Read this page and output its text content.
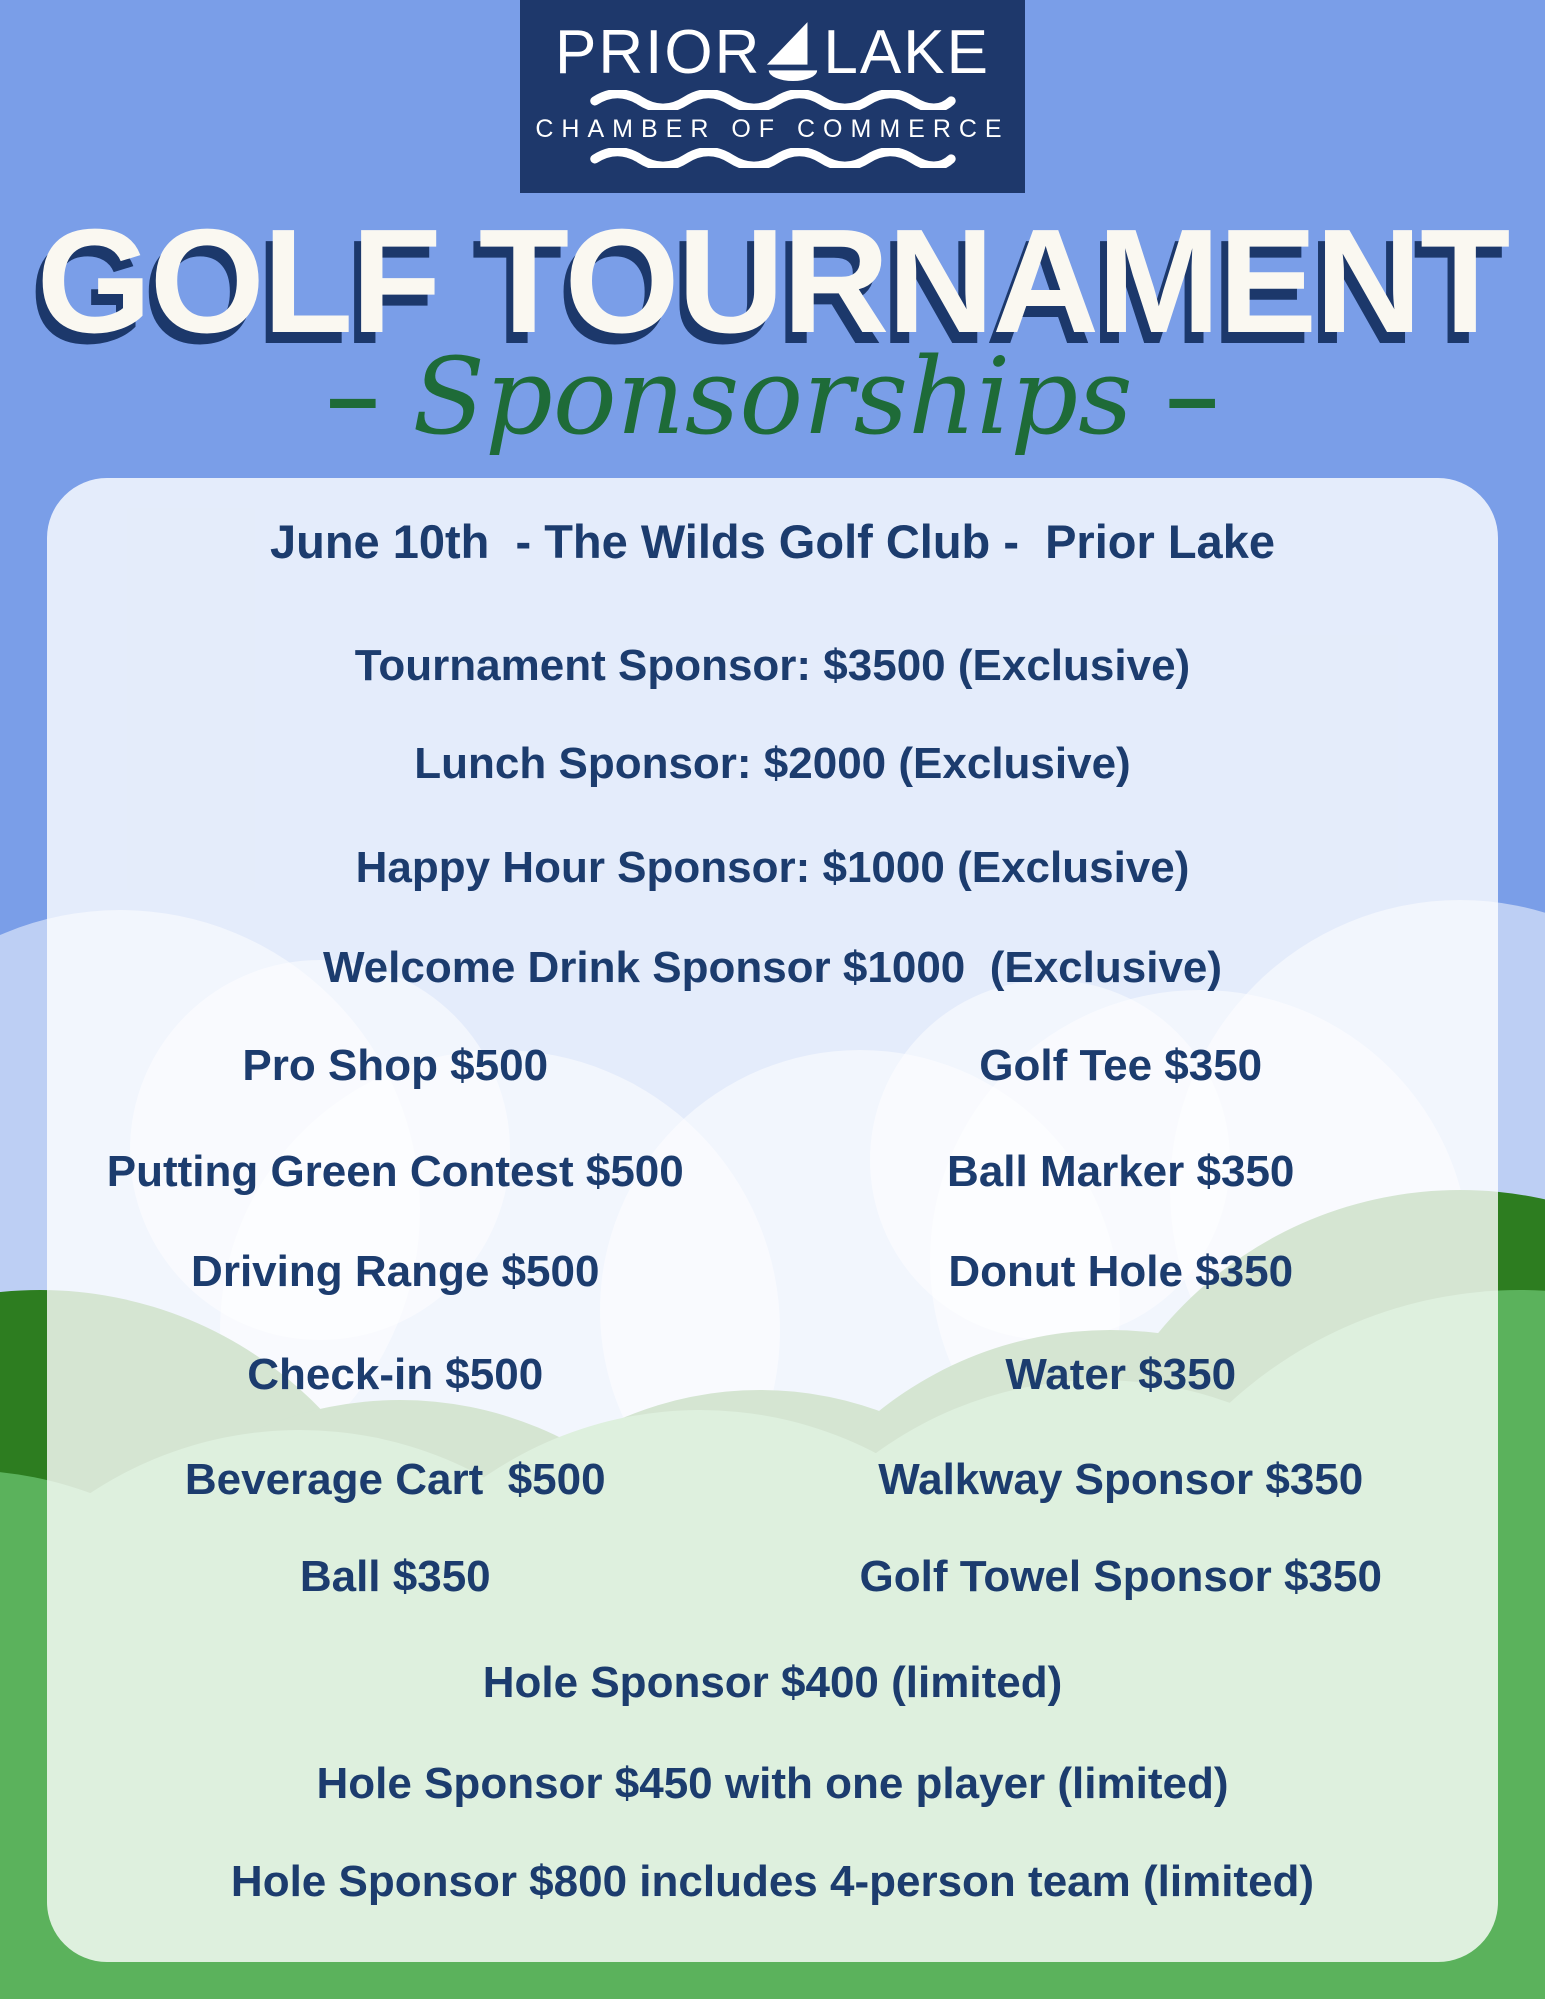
PRIOR LAKE
CHAMBER OF COMMERCE
GOLF TOURNAMENT
– Sponsorships –
June 10th  - The Wilds Golf Club -  Prior Lake
Tournament Sponsor: $3500 (Exclusive)
Lunch Sponsor: $2000 (Exclusive)
Happy Hour Sponsor: $1000 (Exclusive)
Welcome Drink Sponsor $1000  (Exclusive)
Pro Shop $500	Golf Tee $350
Putting Green Contest $500	Ball Marker $350
Driving Range $500	Donut Hole $350
Check-in $500	Water $350
Beverage Cart  $500	Walkway Sponsor $350
Ball $350	Golf Towel Sponsor $350
Hole Sponsor $400 (limited)
Hole Sponsor $450 with one player (limited)
Hole Sponsor $800 includes 4-person team (limited)
